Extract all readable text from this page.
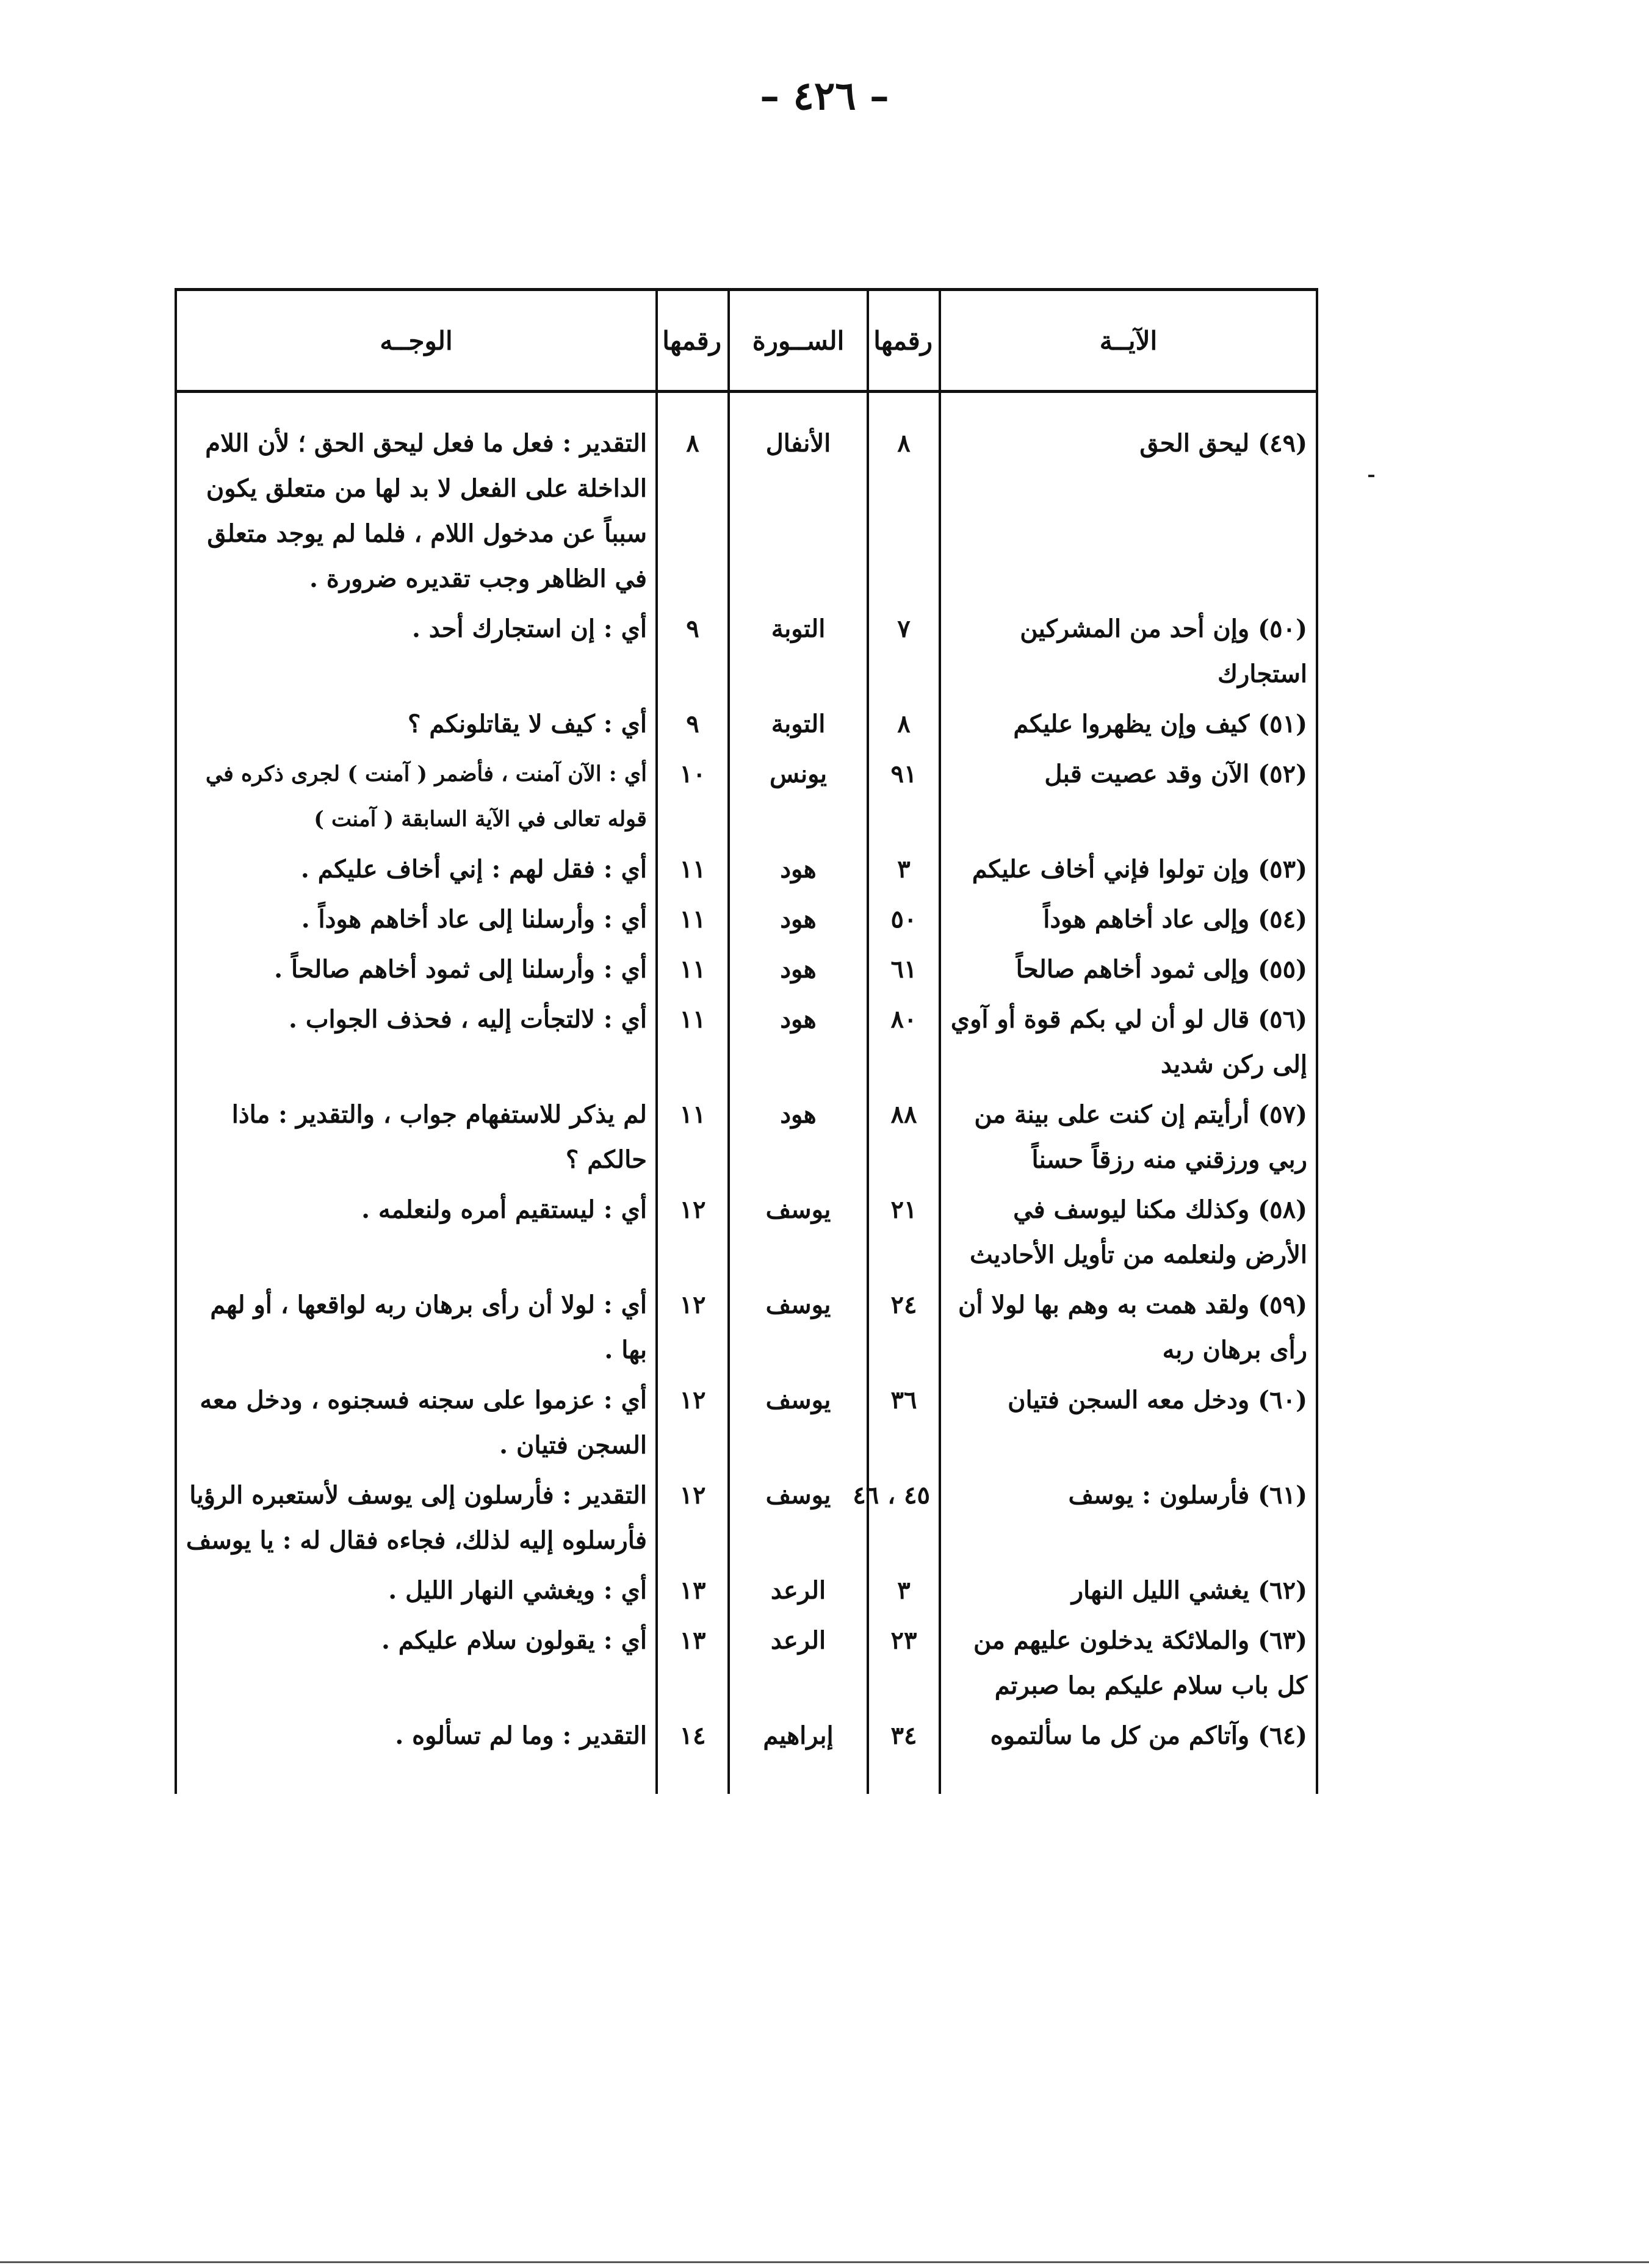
– ٤٢٦ –
الآيــة	رقمها	الســورة	رقمها	الوجــه
(٤٩) ليحق الحق	٨	الأنفال	٨	التقدير : فعل ما فعل ليحق الحق ؛ لأن اللام الداخلة على الفعل لا بد لها من متعلق يكون سبباً عن مدخول اللام ، فلما لم يوجد متعلق في الظاهر وجب تقديره ضرورة .
(٥٠) وإن أحد من المشركين استجارك	٧	التوبة	٩	أي : إن استجارك أحد .
(٥١) كيف وإن يظهروا عليكم	٨	التوبة	٩	أي : كيف لا يقاتلونكم ؟
(٥٢) الآن وقد عصيت قبل	٩١	يونس	١٠	أي : الآن آمنت ، فأضمر ( آمنت ) لجرى ذكره في قوله تعالى في الآية السابقة ( آمنت )
(٥٣) وإن تولوا فإني أخاف عليكم	٣	هود	١١	أي : فقل لهم : إني أخاف عليكم .
(٥٤) وإلى عاد أخاهم هوداً	٥٠	هود	١١	أي : وأرسلنا إلى عاد أخاهم هوداً .
(٥٥) وإلى ثمود أخاهم صالحاً	٦١	هود	١١	أي : وأرسلنا إلى ثمود أخاهم صالحاً .
(٥٦) قال لو أن لي بكم قوة أو آوي إلى ركن شديد	٨٠	هود	١١	أي : لالتجأت إليه ، فحذف الجواب .
(٥٧) أرأيتم إن كنت على بينة من ربي ورزقني منه رزقاً حسناً	٨٨	هود	١١	لم يذكر للاستفهام جواب ، والتقدير : ماذا حالكم ؟
(٥٨) وكذلك مكنا ليوسف في الأرض ولنعلمه من تأويل الأحاديث	٢١	يوسف	١٢	أي : ليستقيم أمره ولنعلمه .
(٥٩) ولقد همت به وهم بها لولا أن رأى برهان ربه	٢٤	يوسف	١٢	أي : لولا أن رأى برهان ربه لواقعها ، أو لهم بها .
(٦٠) ودخل معه السجن فتيان	٣٦	يوسف	١٢	أي : عزموا على سجنه فسجنوه ، ودخل معه السجن فتيان .
(٦١) فأرسلون : يوسف	٤٥ ، ٤٦	يوسف	١٢	التقدير : فأرسلون إلى يوسف لأستعبره الرؤيا فأرسلوه إليه لذلك، فجاءه فقال له : يا يوسف
(٦٢) يغشي الليل النهار	٣	الرعد	١٣	أي : ويغشي النهار الليل .
(٦٣) والملائكة يدخلون عليهم من كل باب سلام عليكم بما صبرتم	٢٣	الرعد	١٣	أي : يقولون سلام عليكم .
(٦٤) وآتاكم من كل ما سألتموه	٣٤	إبراهيم	١٤	التقدير : وما لم تسألوه .
